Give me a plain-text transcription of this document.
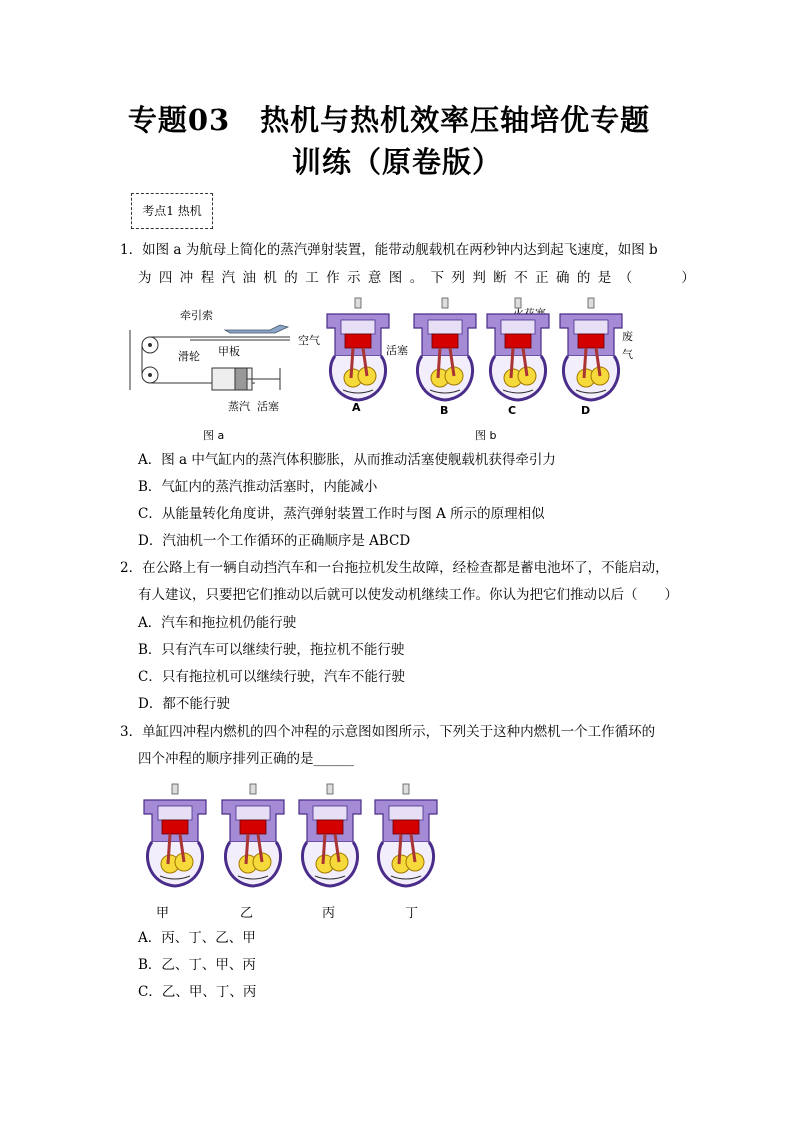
专题03　热机与热机效率压轴培优专题
训练（原卷版）
考点1 热机
1．如图 a 为航母上简化的蒸汽弹射装置，能带动舰载机在两秒钟内达到起飞速度，如图 b
为四冲程汽油机的工作示意图。下列判断不正确的是（　　）
牵引索
滑轮 甲板
蒸汽 活塞
图 a
空气
活塞
废
气
A	B	C	D
图 b
A．图 a 中气缸内的蒸汽体积膨胀，从而推动活塞使舰载机获得牵引力
B．气缸内的蒸汽推动活塞时，内能减小
C．从能量转化角度讲，蒸汽弹射装置工作时与图 A 所示的原理相似
D．汽油机一个工作循环的正确顺序是 ABCD
2．在公路上有一辆自动挡汽车和一台拖拉机发生故障，经检查都是蓄电池坏了，不能启动，
有人建议，只要把它们推动以后就可以使发动机继续工作。你认为把它们推动以后（　　）
A．汽车和拖拉机仍能行驶
B．只有汽车可以继续行驶，拖拉机不能行驶
C．只有拖拉机可以继续行驶，汽车不能行驶
D．都不能行驶
3．单缸四冲程内燃机的四个冲程的示意图如图所示，下列关于这种内燃机一个工作循环的
四个冲程的顺序排列正确的是______
甲	乙	丙	丁
A．丙、丁、乙、甲
B．乙、丁、甲、丙
C．乙、甲、丁、丙
